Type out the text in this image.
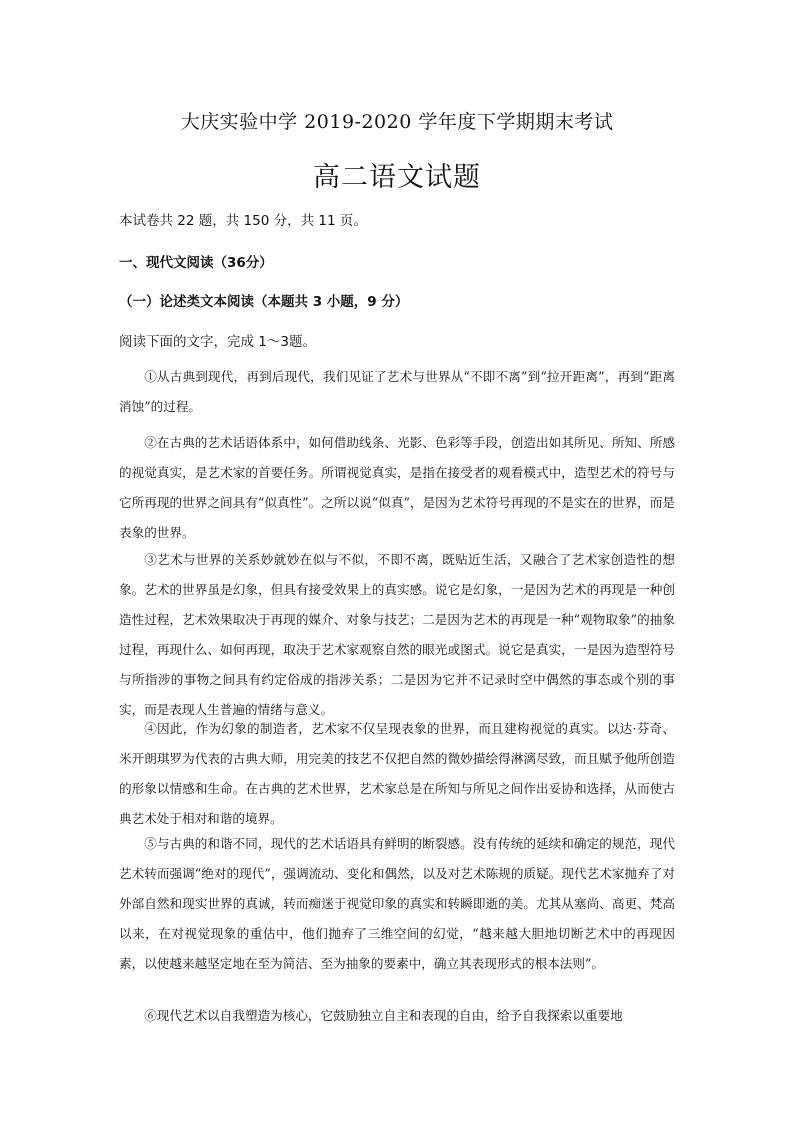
大庆实验中学 2019-2020 学年度下学期期末考试
高二语文试题
本试卷共 22 题，共 150 分，共 11 页。
一、现代文阅读（36分）
（一）论述类文本阅读（本题共 3 小题，9 分）
阅读下面的文字，完成 1～3题。
①从古典到现代，再到后现代，我们见证了艺术与世界从“不即不离”到“拉开距离”，再到“距离消蚀”的过程。
②在古典的艺术话语体系中，如何借助线条、光影、色彩等手段，创造出如其所见、所知、所感的视觉真实，是艺术家的首要任务。所谓视觉真实，是指在接受者的观看模式中，造型艺术的符号与它所再现的世界之间具有“似真性”。之所以说“似真”，是因为艺术符号再现的不是实在的世界，而是表象的世界。
③艺术与世界的关系妙就妙在似与不似，不即不离，既贴近生活，又融合了艺术家创造性的想象。艺术的世界虽是幻象，但具有接受效果上的真实感。说它是幻象，一是因为艺术的再现是一种创造性过程，艺术效果取决于再现的媒介、对象与技艺；二是因为艺术的再现是一种“观物取象”的抽象过程，再现什么、如何再现，取决于艺术家观察自然的眼光或图式。说它是真实，一是因为造型符号与所指涉的事物之间具有约定俗成的指涉关系；二是因为它并不记录时空中偶然的事态或个别的事实，而是表现人生普遍的情绪与意义。
④因此，作为幻象的制造者，艺术家不仅呈现表象的世界，而且建构视觉的真实。以达·芬奇、米开朗琪罗为代表的古典大师，用完美的技艺不仅把自然的微妙描绘得淋漓尽致，而且赋予他所创造的形象以情感和生命。在古典的艺术世界，艺术家总是在所知与所见之间作出妥协和选择，从而使古典艺术处于相对和谐的境界。
⑤与古典的和谐不同，现代的艺术话语具有鲜明的断裂感。没有传统的延续和确定的规范，现代艺术转而强调“绝对的现代”，强调流动、变化和偶然，以及对艺术陈规的质疑。现代艺术家抛弃了对外部自然和现实世界的真诚，转而痴迷于视觉印象的真实和转瞬即逝的美。尤其从塞尚、高更、梵高以来，在对视觉现象的重估中，他们抛弃了三维空间的幻觉，“越来越大胆地切断艺术中的再现因素，以使越来越坚定地在至为简洁、至为抽象的要素中，确立其表现形式的根本法则”。
⑥现代艺术以自我塑造为核心，它鼓励独立自主和表现的自由，给予自我探索以重要地
